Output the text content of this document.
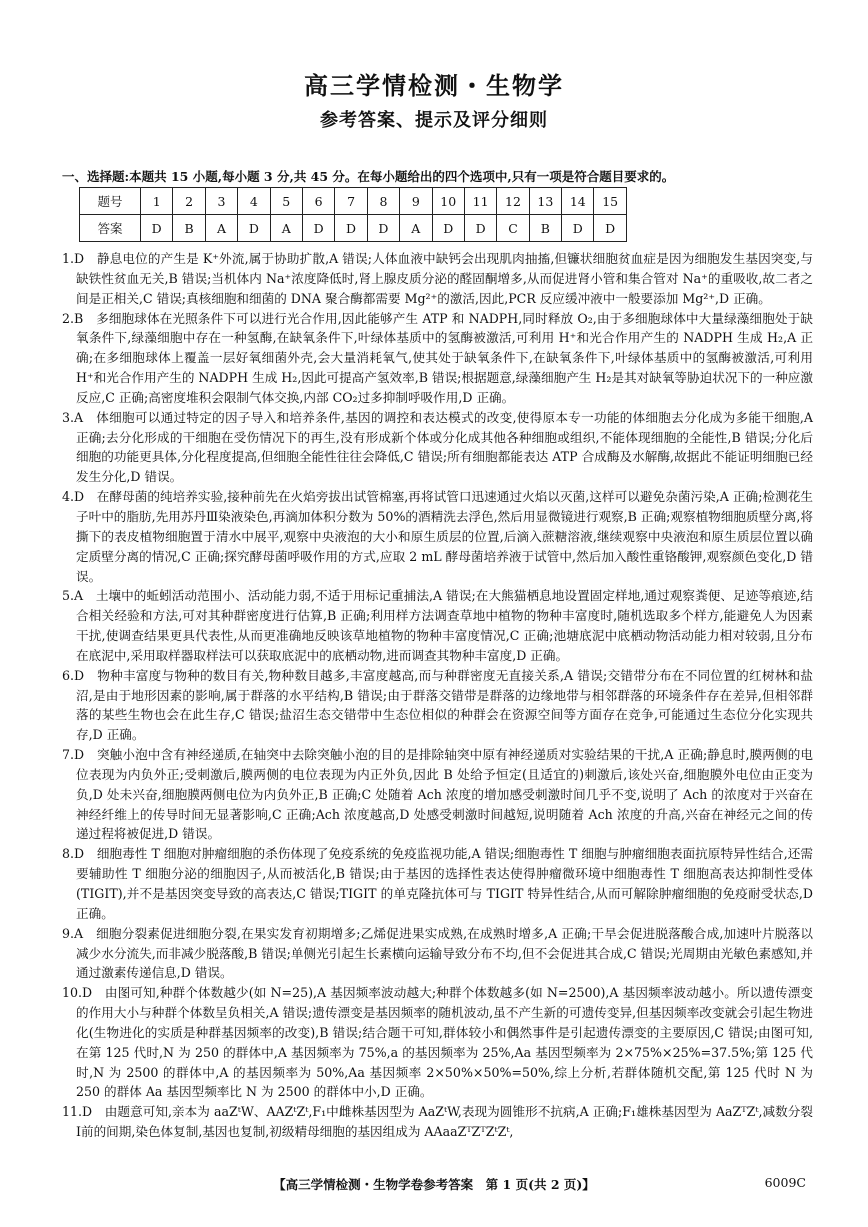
高三学情检测・生物学
参考答案、提示及评分细则
一、选择题:本题共 15 小题,每小题 3 分,共 45 分。在每小题给出的四个选项中,只有一项是符合题目要求的。
题号	1	2	3	4	5	6	7	8	9	10	11	12	13	14	15
答案	D	B	A	D	A	D	D	D	A	D	D	C	B	D	D

1.D　静息电位的产生是 K⁺外流,属于协助扩散,A 错误;人体血液中缺钙会出现肌肉抽搐,但镰状细胞贫血症是因为细胞发生基因突变,与缺铁性贫血无关,B 错误;当机体内 Na⁺浓度降低时,肾上腺皮质分泌的醛固酮增多,从而促进肾小管和集合管对 Na⁺的重吸收,故二者之间是正相关,C 错误;真核细胞和细菌的 DNA 聚合酶都需要 Mg²⁺的激活,因此,PCR 反应缓冲液中一般要添加 Mg²⁺,D 正确。

2.B　多细胞球体在光照条件下可以进行光合作用,因此能够产生 ATP 和 NADPH,同时释放 O₂,由于多细胞球体中大量绿藻细胞处于缺氧条件下,绿藻细胞中存在一种氢酶,在缺氧条件下,叶绿体基质中的氢酶被激活,可利用 H⁺和光合作用产生的 NADPH 生成 H₂,A 正确;在多细胞球体上覆盖一层好氧细菌外壳,会大量消耗氧气,使其处于缺氧条件下,在缺氧条件下,叶绿体基质中的氢酶被激活,可利用 H⁺和光合作用产生的 NADPH 生成 H₂,因此可提高产氢效率,B 错误;根据题意,绿藻细胞产生 H₂是其对缺氧等胁迫状况下的一种应激反应,C 正确;高密度堆积会限制气体交换,内部 CO₂过多抑制呼吸作用,D 正确。

3.A　体细胞可以通过特定的因子导入和培养条件,基因的调控和表达模式的改变,使得原本专一功能的体细胞去分化成为多能干细胞,A 正确;去分化形成的干细胞在受伤情况下的再生,没有形成新个体或分化成其他各种细胞或组织,不能体现细胞的全能性,B 错误;分化后细胞的功能更具体,分化程度提高,但细胞全能性往往会降低,C 错误;所有细胞都能表达 ATP 合成酶及水解酶,故据此不能证明细胞已经发生分化,D 错误。

4.D　在酵母菌的纯培养实验,接种前先在火焰旁拔出试管棉塞,再将试管口迅速通过火焰以灭菌,这样可以避免杂菌污染,A 正确;检测花生子叶中的脂肪,先用苏丹Ⅲ染液染色,再滴加体积分数为 50%的酒精洗去浮色,然后用显微镜进行观察,B 正确;观察植物细胞质壁分离,将撕下的表皮植物细胞置于清水中展平,观察中央液泡的大小和原生质层的位置,后滴入蔗糖溶液,继续观察中央液泡和原生质层位置以确定质壁分离的情况,C 正确;探究酵母菌呼吸作用的方式,应取 2 mL 酵母菌培养液于试管中,然后加入酸性重铬酸钾,观察颜色变化,D 错误。

5.A　土壤中的蚯蚓活动范围小、活动能力弱,不适于用标记重捕法,A 错误;在大熊猫栖息地设置固定样地,通过观察粪便、足迹等痕迹,结合相关经验和方法,可对其种群密度进行估算,B 正确;利用样方法调查草地中植物的物种丰富度时,随机选取多个样方,能避免人为因素干扰,使调查结果更具代表性,从而更准确地反映该草地植物的物种丰富度情况,C 正确;池塘底泥中底栖动物活动能力相对较弱,且分布在底泥中,采用取样器取样法可以获取底泥中的底栖动物,进而调查其物种丰富度,D 正确。

6.D　物种丰富度与物种的数目有关,物种数目越多,丰富度越高,而与种群密度无直接关系,A 错误;交错带分布在不同位置的红树林和盐沼,是由于地形因素的影响,属于群落的水平结构,B 错误;由于群落交错带是群落的边缘地带与相邻群落的环境条件存在差异,但相邻群落的某些生物也会在此生存,C 错误;盐沼生态交错带中生态位相似的种群会在资源空间等方面存在竞争,可能通过生态位分化实现共存,D 正确。

7.D　突触小泡中含有神经递质,在轴突中去除突触小泡的目的是排除轴突中原有神经递质对实验结果的干扰,A 正确;静息时,膜两侧的电位表现为内负外正;受刺激后,膜两侧的电位表现为内正外负,因此 B 处给予恒定(且适宜的)刺激后,该处兴奋,细胞膜外电位由正变为负,D 处未兴奋,细胞膜两侧电位为内负外正,B 正确;C 处随着 Ach 浓度的增加感受刺激时间几乎不变,说明了 Ach 的浓度对于兴奋在神经纤维上的传导时间无显著影响,C 正确;Ach 浓度越高,D 处感受刺激时间越短,说明随着 Ach 浓度的升高,兴奋在神经元之间的传递过程将被促进,D 错误。

8.D　细胞毒性 T 细胞对肿瘤细胞的杀伤体现了免疫系统的免疫监视功能,A 错误;细胞毒性 T 细胞与肿瘤细胞表面抗原特异性结合,还需要辅助性 T 细胞分泌的细胞因子,从而被活化,B 错误;由于基因的选择性表达使得肿瘤微环境中细胞毒性 T 细胞高表达抑制性受体(TIGIT),并不是基因突变导致的高表达,C 错误;TIGIT 的单克隆抗体可与 TIGIT 特异性结合,从而可解除肿瘤细胞的免疫耐受状态,D 正确。

9.A　细胞分裂素促进细胞分裂,在果实发育初期增多;乙烯促进果实成熟,在成熟时增多,A 正确;干旱会促进脱落酸合成,加速叶片脱落以减少水分流失,而非减少脱落酸,B 错误;单侧光引起生长素横向运输导致分布不均,但不会促进其合成,C 错误;光周期由光敏色素感知,并通过激素传递信息,D 错误。

10.D　由图可知,种群个体数越少(如 N=25),A 基因频率波动越大;种群个体数越多(如 N=2500),A 基因频率波动越小。所以遗传漂变的作用大小与种群个体数呈负相关,A 错误;遗传漂变是基因频率的随机波动,虽不产生新的可遗传变异,但基因频率改变就会引起生物进化(生物进化的实质是种群基因频率的改变),B 错误;结合题干可知,群体较小和偶然事件是引起遗传漂变的主要原因,C 错误;由图可知,在第 125 代时,N 为 250 的群体中,A 基因频率为 75%,a 的基因频率为 25%,Aa 基因型频率为 2×75%×25%=37.5%;第 125 代时,N 为 2500 的群体中,A 的基因频率为 50%,Aa 基因频率 2×50%×50%=50%,综上分析,若群体随机交配,第 125 代时 N 为 250 的群体 Aa 基因型频率比 N 为 2500 的群体中小,D 正确。

11.D　由题意可知,亲本为 aaZᵗW、AAZᵗZᵗ,F₁中雌株基因型为 AaZᵗW,表现为圆锥形不抗病,A 正确;F₁雄株基因型为 AaZᵀZᵗ,减数分裂Ⅰ前的间期,染色体复制,基因也复制,初级精母细胞的基因组成为 AAaaZᵀZᵀZᵗZᵗ,

【高三学情检测・生物学卷参考答案　第 1 页(共 2 页)】	6009C
